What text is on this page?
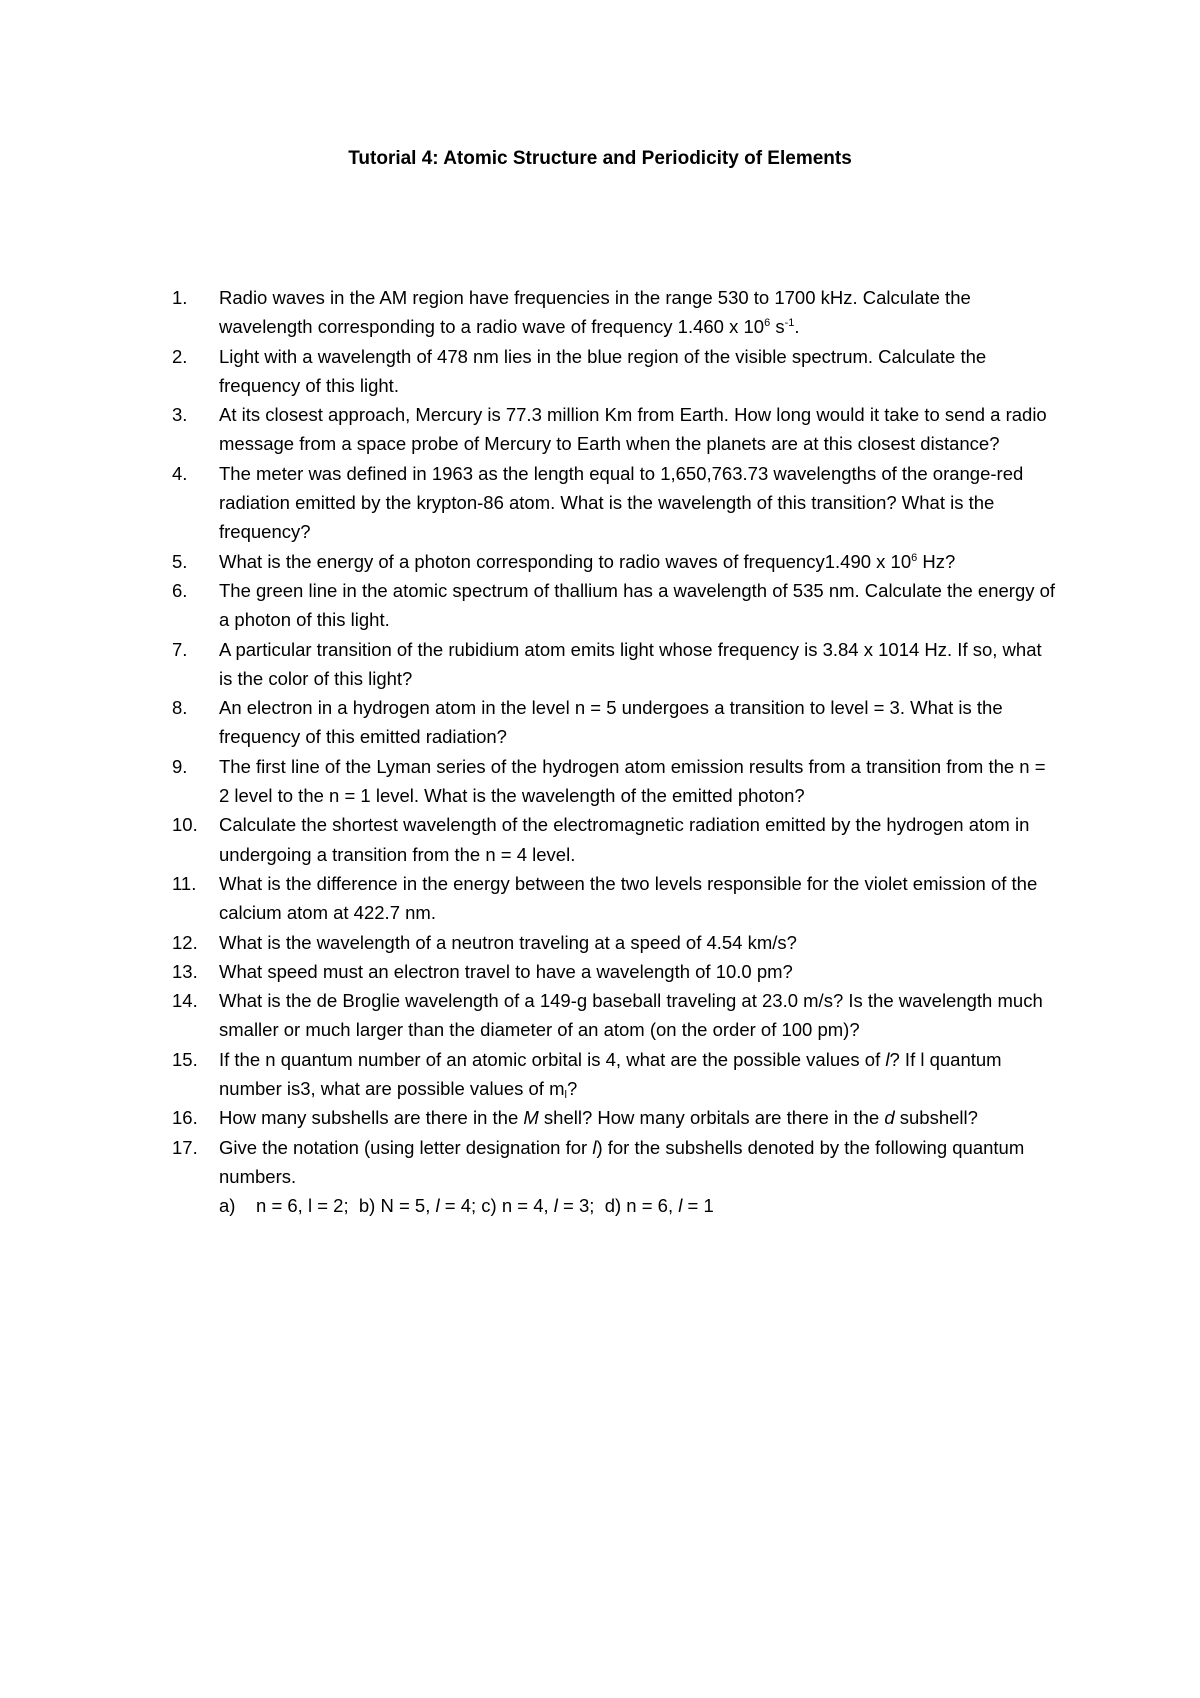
Tutorial 4: Atomic Structure and Periodicity of Elements
1.	Radio waves in the AM region have frequencies in the range 530 to 1700 kHz. Calculate the wavelength corresponding to a radio wave of frequency 1.460 x $10^6$ $s^{-1}$.
2.	Light with a wavelength of 478 nm lies in the blue region of the visible spectrum. Calculate the frequency of this light.
3.	At its closest approach, Mercury is 77.3 million Km from Earth. How long would it take to send a radio message from a space probe of Mercury to Earth when the planets are at this closest distance?
4.	The meter was defined in 1963 as the length equal to 1,650,763.73 wavelengths of the orange-red radiation emitted by the krypton-86 atom. What is the wavelength of this transition? What is the frequency?
5.	What is the energy of a photon corresponding to radio waves of frequency1.490 x $10^6$ Hz?
6.	The green line in the atomic spectrum of thallium has a wavelength of 535 nm. Calculate the energy of a photon of this light.
7.	A particular transition of the rubidium atom emits light whose frequency is 3.84 x 1014 Hz. If so, what is the color of this light?
8.	An electron in a hydrogen atom in the level n = 5 undergoes a transition to level = 3. What is the frequency of this emitted radiation?
9.	The first line of the Lyman series of the hydrogen atom emission results from a transition from the n = 2 level to the n = 1 level. What is the wavelength of the emitted photon?
10.	Calculate the shortest wavelength of the electromagnetic radiation emitted by the hydrogen atom in undergoing a transition from the n = 4 level.
11.	What is the difference in the energy between the two levels responsible for the violet emission of the calcium atom at 422.7 nm.
12.	What is the wavelength of a neutron traveling at a speed of 4.54 km/s?
13.	What speed must an electron travel to have a wavelength of 10.0 pm?
14.	What is the de Broglie wavelength of a 149-g baseball traveling at 23.0 m/s? Is the wavelength much smaller or much larger than the diameter of an atom (on the order of 100 pm)?
15.	If the n quantum number of an atomic orbital is 4, what are the possible values of l? If l quantum number is3, what are possible values of $m_l$?
16.	How many subshells are there in the M shell? How many orbitals are there in the d subshell?
17.	Give the notation (using letter designation for l) for the subshells denoted by the following quantum numbers.
a) n = 6, l = 2; b) N = 5, l = 4; c) n = 4, l = 3; d) n = 6, l = 1
